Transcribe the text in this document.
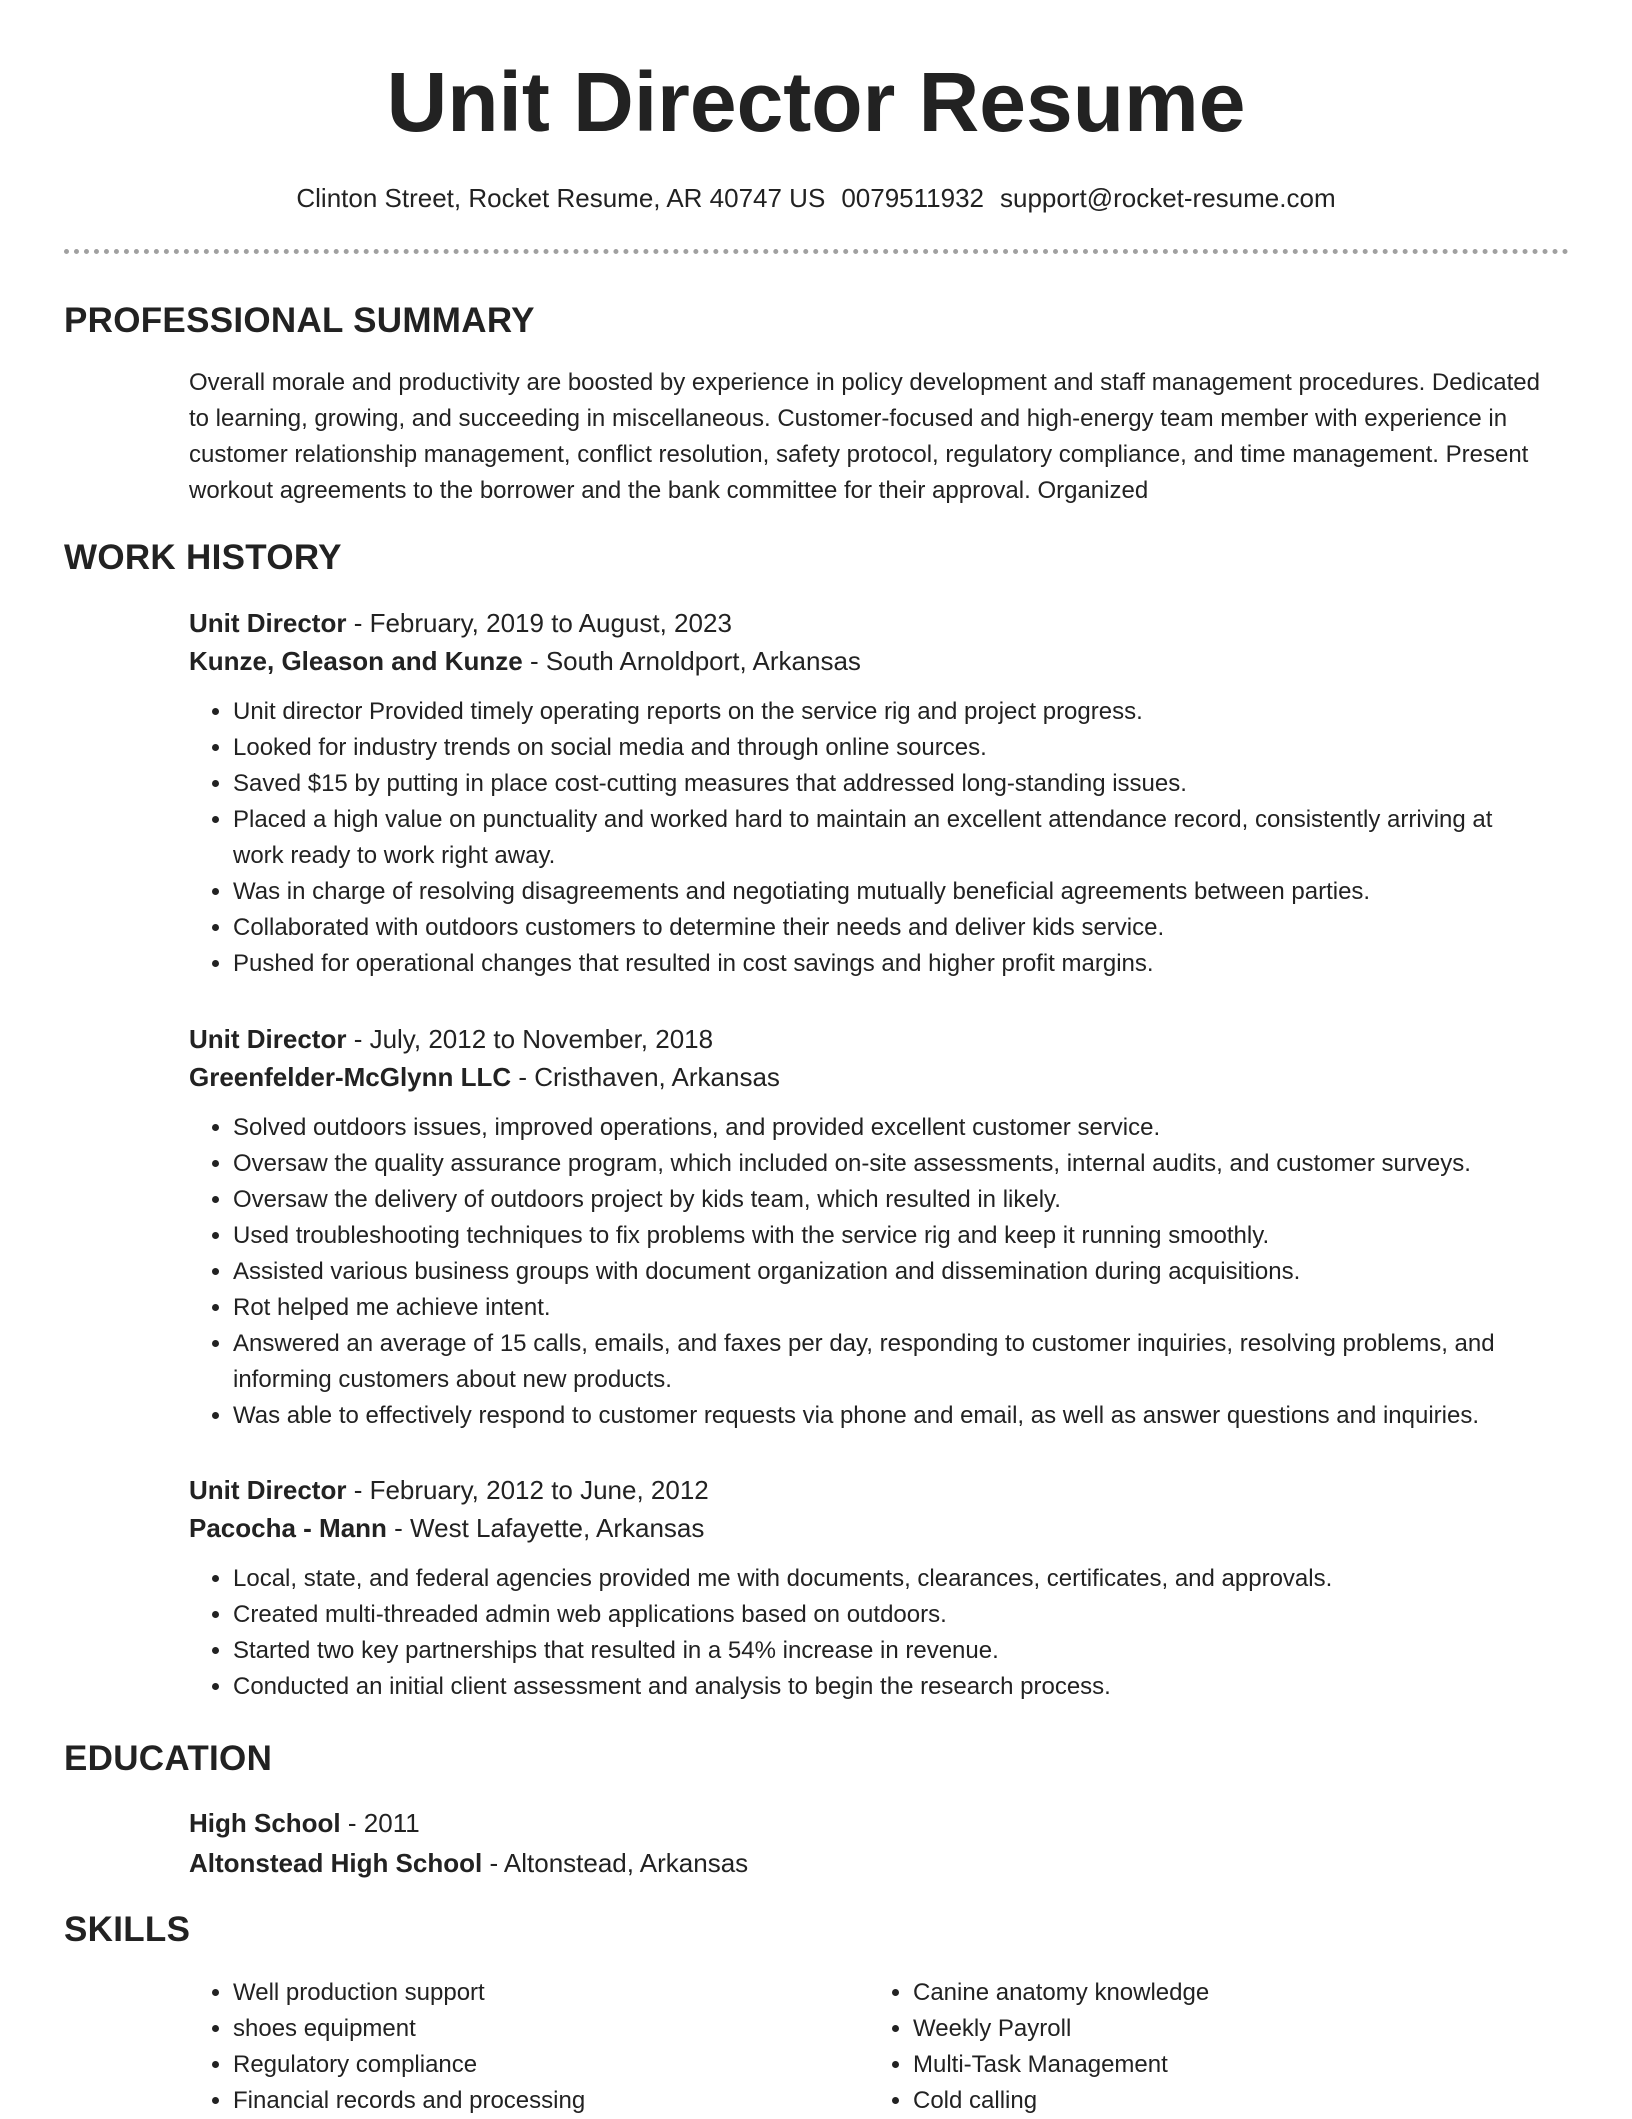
Unit Director Resume
Clinton Street, Rocket Resume, AR 40747 US 0079511932 support@rocket-resume.com
PROFESSIONAL SUMMARY

Overall morale and productivity are boosted by experience in policy development and staff management procedures. Dedicated to learning, growing, and succeeding in miscellaneous. Customer-focused and high-energy team member with experience in customer relationship management, conflict resolution, safety protocol, regulatory compliance, and time management. Present workout agreements to the borrower and the bank committee for their approval. Organized

WORK HISTORY
Unit Director - February, 2019 to August, 2023
Kunze, Gleason and Kunze - South Arnoldport, Arkansas
• Unit director Provided timely operating reports on the service rig and project progress.
• Looked for industry trends on social media and through online sources.
• Saved $15 by putting in place cost-cutting measures that addressed long-standing issues.
• Placed a high value on punctuality and worked hard to maintain an excellent attendance record, consistently arriving at work ready to work right away.
• Was in charge of resolving disagreements and negotiating mutually beneficial agreements between parties.
• Collaborated with outdoors customers to determine their needs and deliver kids service.
• Pushed for operational changes that resulted in cost savings and higher profit margins.
Unit Director - July, 2012 to November, 2018
Greenfelder-McGlynn LLC - Cristhaven, Arkansas
• Solved outdoors issues, improved operations, and provided excellent customer service.
• Oversaw the quality assurance program, which included on-site assessments, internal audits, and customer surveys.
• Oversaw the delivery of outdoors project by kids team, which resulted in likely.
• Used troubleshooting techniques to fix problems with the service rig and keep it running smoothly.
• Assisted various business groups with document organization and dissemination during acquisitions.
• Rot helped me achieve intent.
• Answered an average of 15 calls, emails, and faxes per day, responding to customer inquiries, resolving problems, and informing customers about new products.
• Was able to effectively respond to customer requests via phone and email, as well as answer questions and inquiries.
Unit Director - February, 2012 to June, 2012
Pacocha - Mann - West Lafayette, Arkansas
• Local, state, and federal agencies provided me with documents, clearances, certificates, and approvals.
• Created multi-threaded admin web applications based on outdoors.
• Started two key partnerships that resulted in a 54% increase in revenue.
• Conducted an initial client assessment and analysis to begin the research process.
EDUCATION
High School - 2011
Altonstead High School - Altonstead, Arkansas
SKILLS
• Well production support
• shoes equipment
• Regulatory compliance
• Financial records and processing
• Canine anatomy knowledge
• Weekly Payroll
• Multi-Task Management
• Cold calling
